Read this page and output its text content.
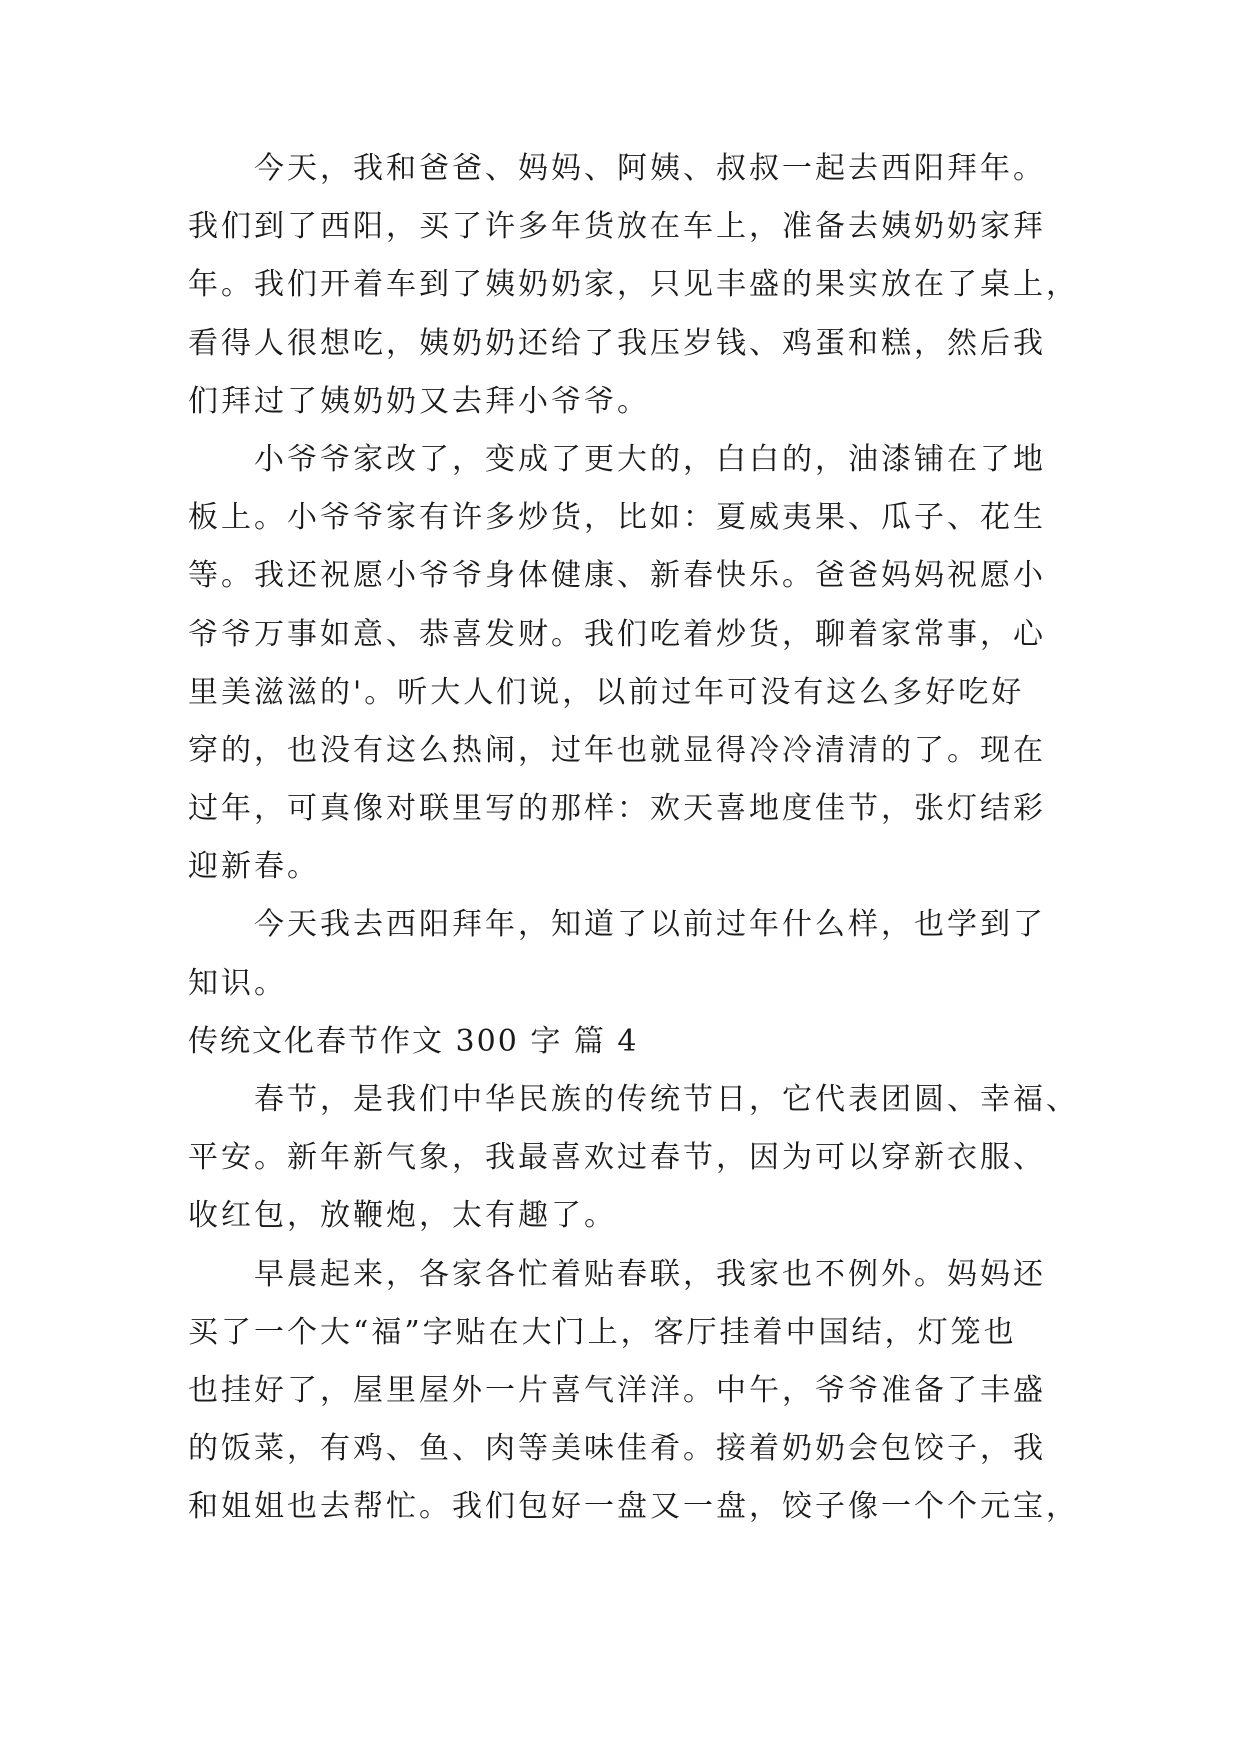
今天，我和爸爸、妈妈、阿姨、叔叔一起去西阳拜年。
我们到了西阳，买了许多年货放在车上，准备去姨奶奶家拜
年。我们开着车到了姨奶奶家，只见丰盛的果实放在了桌上，
看得人很想吃，姨奶奶还给了我压岁钱、鸡蛋和糕，然后我
们拜过了姨奶奶又去拜小爷爷。
小爷爷家改了，变成了更大的，白白的，油漆铺在了地
板上。小爷爷家有许多炒货，比如：夏威夷果、瓜子、花生
等。我还祝愿小爷爷身体健康、新春快乐。爸爸妈妈祝愿小
爷爷万事如意、恭喜发财。我们吃着炒货，聊着家常事，心
里美滋滋的'。听大人们说，以前过年可没有这么多好吃好
穿的，也没有这么热闹，过年也就显得冷冷清清的了。现在
过年，可真像对联里写的那样：欢天喜地度佳节，张灯结彩
迎新春。
今天我去西阳拜年，知道了以前过年什么样，也学到了
知识。
传统文化春节作文 300 字 篇 4
春节，是我们中华民族的传统节日，它代表团圆、幸福、
平安。新年新气象，我最喜欢过春节，因为可以穿新衣服、
收红包，放鞭炮，太有趣了。
早晨起来，各家各忙着贴春联，我家也不例外。妈妈还
买了一个大“福”字贴在大门上，客厅挂着中国结，灯笼也
也挂好了，屋里屋外一片喜气洋洋。中午，爷爷准备了丰盛
的饭菜，有鸡、鱼、肉等美味佳肴。接着奶奶会包饺子，我
和姐姐也去帮忙。我们包好一盘又一盘，饺子像一个个元宝，
